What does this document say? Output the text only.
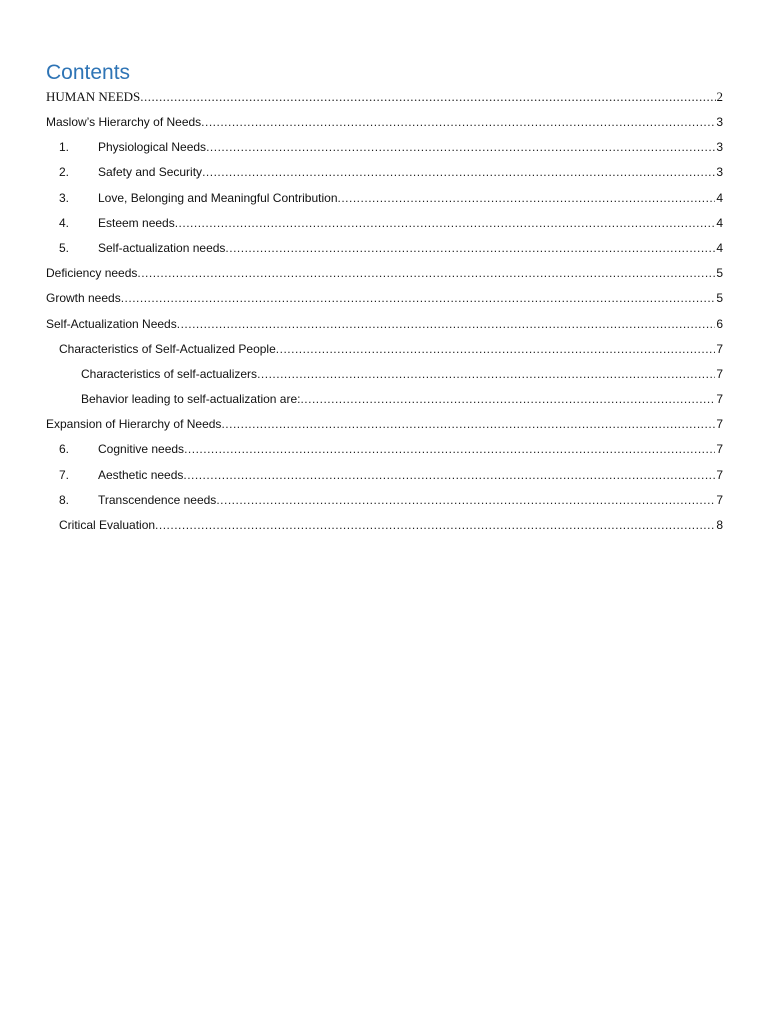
Contents
HUMAN NEEDS .....	2
Maslow’s Hierarchy of Needs .....	3
1.	Physiological Needs .....	3
2.	Safety and Security .....	3
3.	Love, Belonging and Meaningful Contribution .....	4
4.	Esteem needs .....	4
5.	Self-actualization needs .....	4
Deficiency needs .....	5
Growth needs .....	5
Self-Actualization Needs .....	6
Characteristics of Self-Actualized People .....	7
Characteristics of self-actualizers .....	7
Behavior leading to self-actualization are: .....	7
Expansion of Hierarchy of Needs .....	7
6.	Cognitive needs .....	7
7.	Aesthetic needs .....	7
8.	Transcendence needs .....	7
Critical Evaluation .....	8
